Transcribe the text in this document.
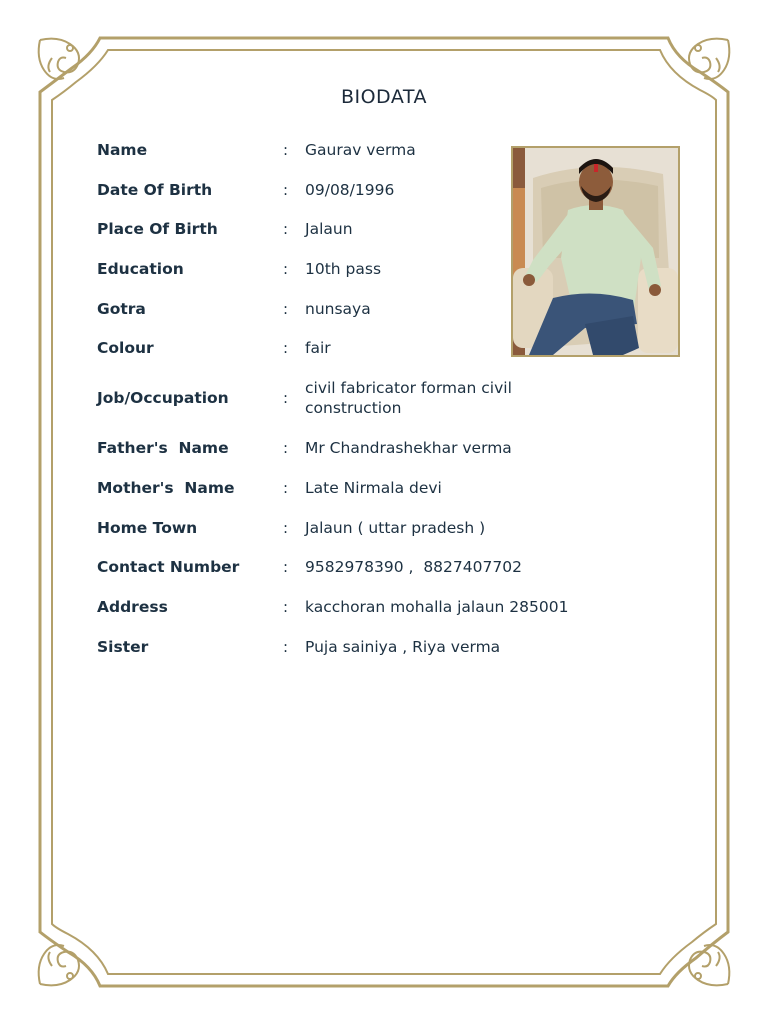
BIODATA
Name	:	Gaurav verma
Date Of Birth	:	09/08/1996
Place Of Birth	:	Jalaun
Education	:	10th pass
Gotra	:	nunsaya
Colour	:	fair
Job/Occupation	:
civil fabricator forman civil construction
Father's  Name	:	Mr Chandrashekhar verma
Mother's  Name	:	Late Nirmala devi
Home Town	:	Jalaun ( uttar pradesh )
Contact Number	:	9582978390 ,  8827407702
Address	:	kacchoran mohalla jalaun 285001
Sister	:	Puja sainiya , Riya verma
